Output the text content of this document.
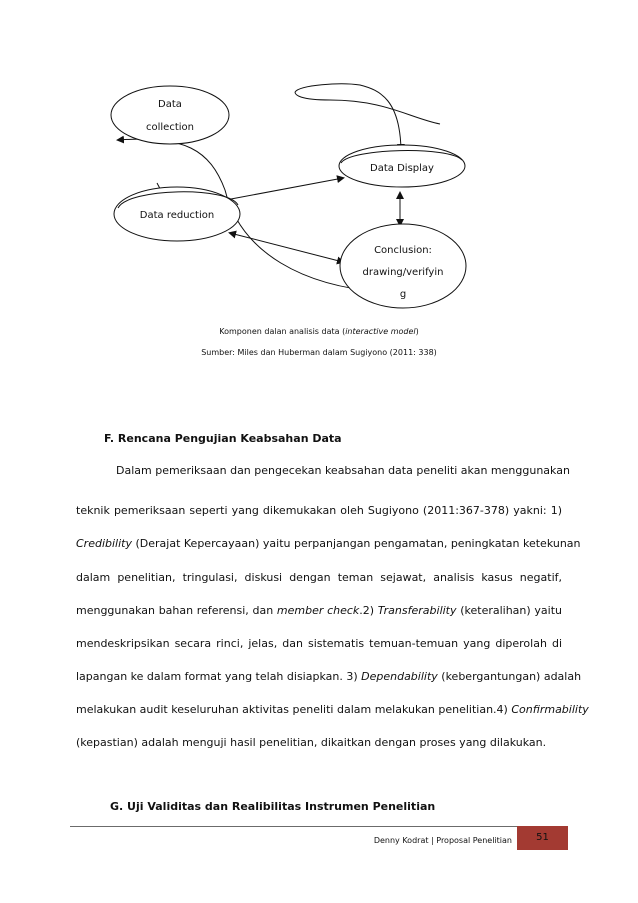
Data
collection
Data Display
Data reduction
Conclusion:
drawing/verifyin
g
Komponen dalan analisis data (interactive model)
Sumber: Miles dan Huberman dalam Sugiyono (2011: 338)
F. Rencana Pengujian Keabsahan Data
Dalam pemeriksaan dan pengecekan keabsahan data peneliti akan menggunakan
teknik pemeriksaan seperti yang dikemukakan oleh Sugiyono (2011:367-378) yakni: 1)
Credibility (Derajat Kepercayaan) yaitu perpanjangan pengamatan, peningkatan ketekunan
dalam penelitian, tringulasi, diskusi dengan teman sejawat, analisis kasus negatif,
menggunakan bahan referensi, dan member check.2) Transferability (keteralihan) yaitu
mendeskripsikan secara rinci, jelas, dan sistematis temuan-temuan yang diperolah di
lapangan ke dalam format yang telah disiapkan. 3) Dependability (kebergantungan) adalah
melakukan audit keseluruhan aktivitas peneliti dalam melakukan penelitian.4) Confirmability
(kepastian) adalah menguji hasil penelitian, dikaitkan dengan proses yang dilakukan.
G. Uji Validitas dan Realibilitas Instrumen Penelitian
Denny Kodrat | Proposal Penelitian	51
